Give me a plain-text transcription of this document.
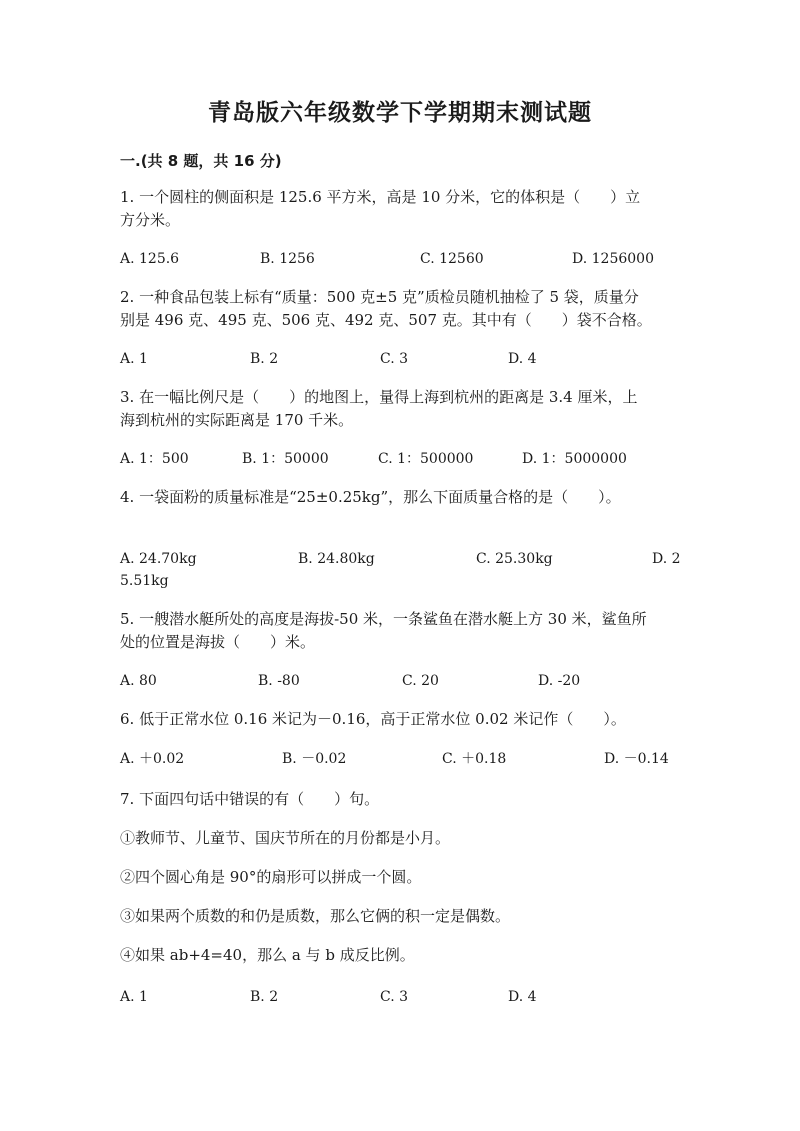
青岛版六年级数学下学期期末测试题
一.(共 8 题，共 16 分)
1. 一个圆柱的侧面积是 125.6 平方米，高是 10 分米，它的体积是（　　）立
方分米。
A. 125.6	B. 1256	C. 12560	D. 1256000
2. 一种食品包装上标有“质量：500 克±5 克”质检员随机抽检了 5 袋，质量分
别是 496 克、495 克、506 克、492 克、507 克。其中有（　　）袋不合格。
A. 1	B. 2	C. 3	D. 4
3. 在一幅比例尺是（　　）的地图上，量得上海到杭州的距离是 3.4 厘米，上
海到杭州的实际距离是 170 千米。
A. 1：500	B. 1：50000	C. 1：500000	D. 1：5000000
4. 一袋面粉的质量标准是“25±0.25kg”，那么下面质量合格的是（　　）。
A. 24.70kg	B. 24.80kg	C. 25.30kg	D. 2
5.51kg
5. 一艘潜水艇所处的高度是海拔-50 米，一条鲨鱼在潜水艇上方 30 米，鲨鱼所
处的位置是海拔（　　）米。
A. 80	B. -80	C. 20	D. -20
6. 低于正常水位 0.16 米记为－0.16，高于正常水位 0.02 米记作（　　）。
A. ＋0.02	B. －0.02	C. ＋0.18	D. －0.14
7. 下面四句话中错误的有（　　）句。
①教师节、儿童节、国庆节所在的月份都是小月。
②四个圆心角是 90°的扇形可以拼成一个圆。
③如果两个质数的和仍是质数，那么它俩的积一定是偶数。
④如果 ab+4=40，那么 a 与 b 成反比例。
A. 1	B. 2	C. 3	D. 4
